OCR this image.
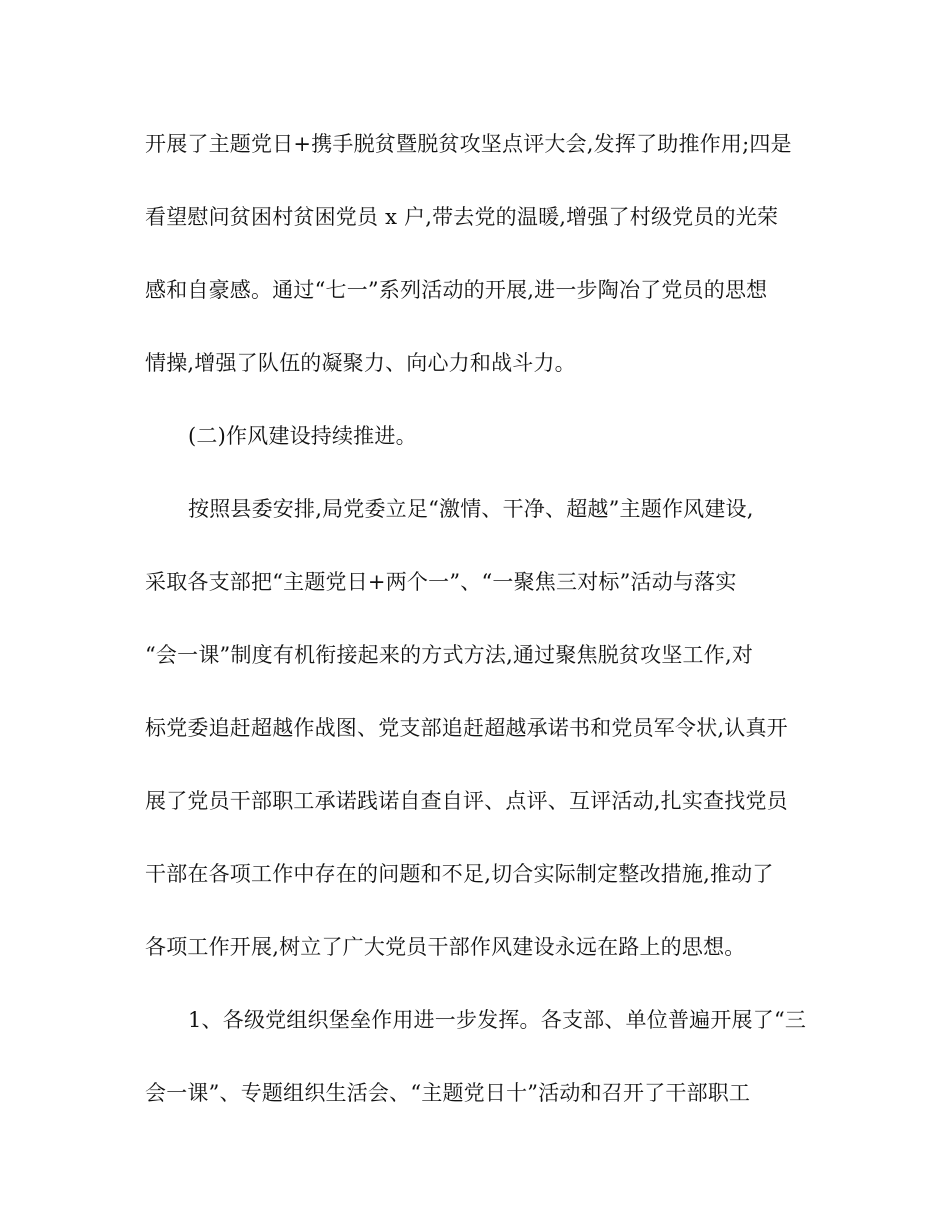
开展了主题党日+携手脱贫暨脱贫攻坚点评大会,发挥了助推作用;四是
看望慰问贫困村贫困党员 x 户,带去党的温暖,增强了村级党员的光荣
感和自豪感。通过“七一”系列活动的开展,进一步陶冶了党员的思想
情操,增强了队伍的凝聚力、向心力和战斗力。
(二)作风建设持续推进。
按照县委安排,局党委立足“激情、干净、超越”主题作风建设,
采取各支部把“主题党日+两个一”、“一聚焦三对标”活动与落实
“会一课”制度有机衔接起来的方式方法,通过聚焦脱贫攻坚工作,对
标党委追赶超越作战图、党支部追赶超越承诺书和党员军令状,认真开
展了党员干部职工承诺践诺自查自评、点评、互评活动,扎实查找党员
干部在各项工作中存在的问题和不足,切合实际制定整改措施,推动了
各项工作开展,树立了广大党员干部作风建设永远在路上的思想。
1、各级党组织堡垒作用进一步发挥。各支部、单位普遍开展了“三
会一课”、专题组织生活会、“主题党日十”活动和召开了干部职工
